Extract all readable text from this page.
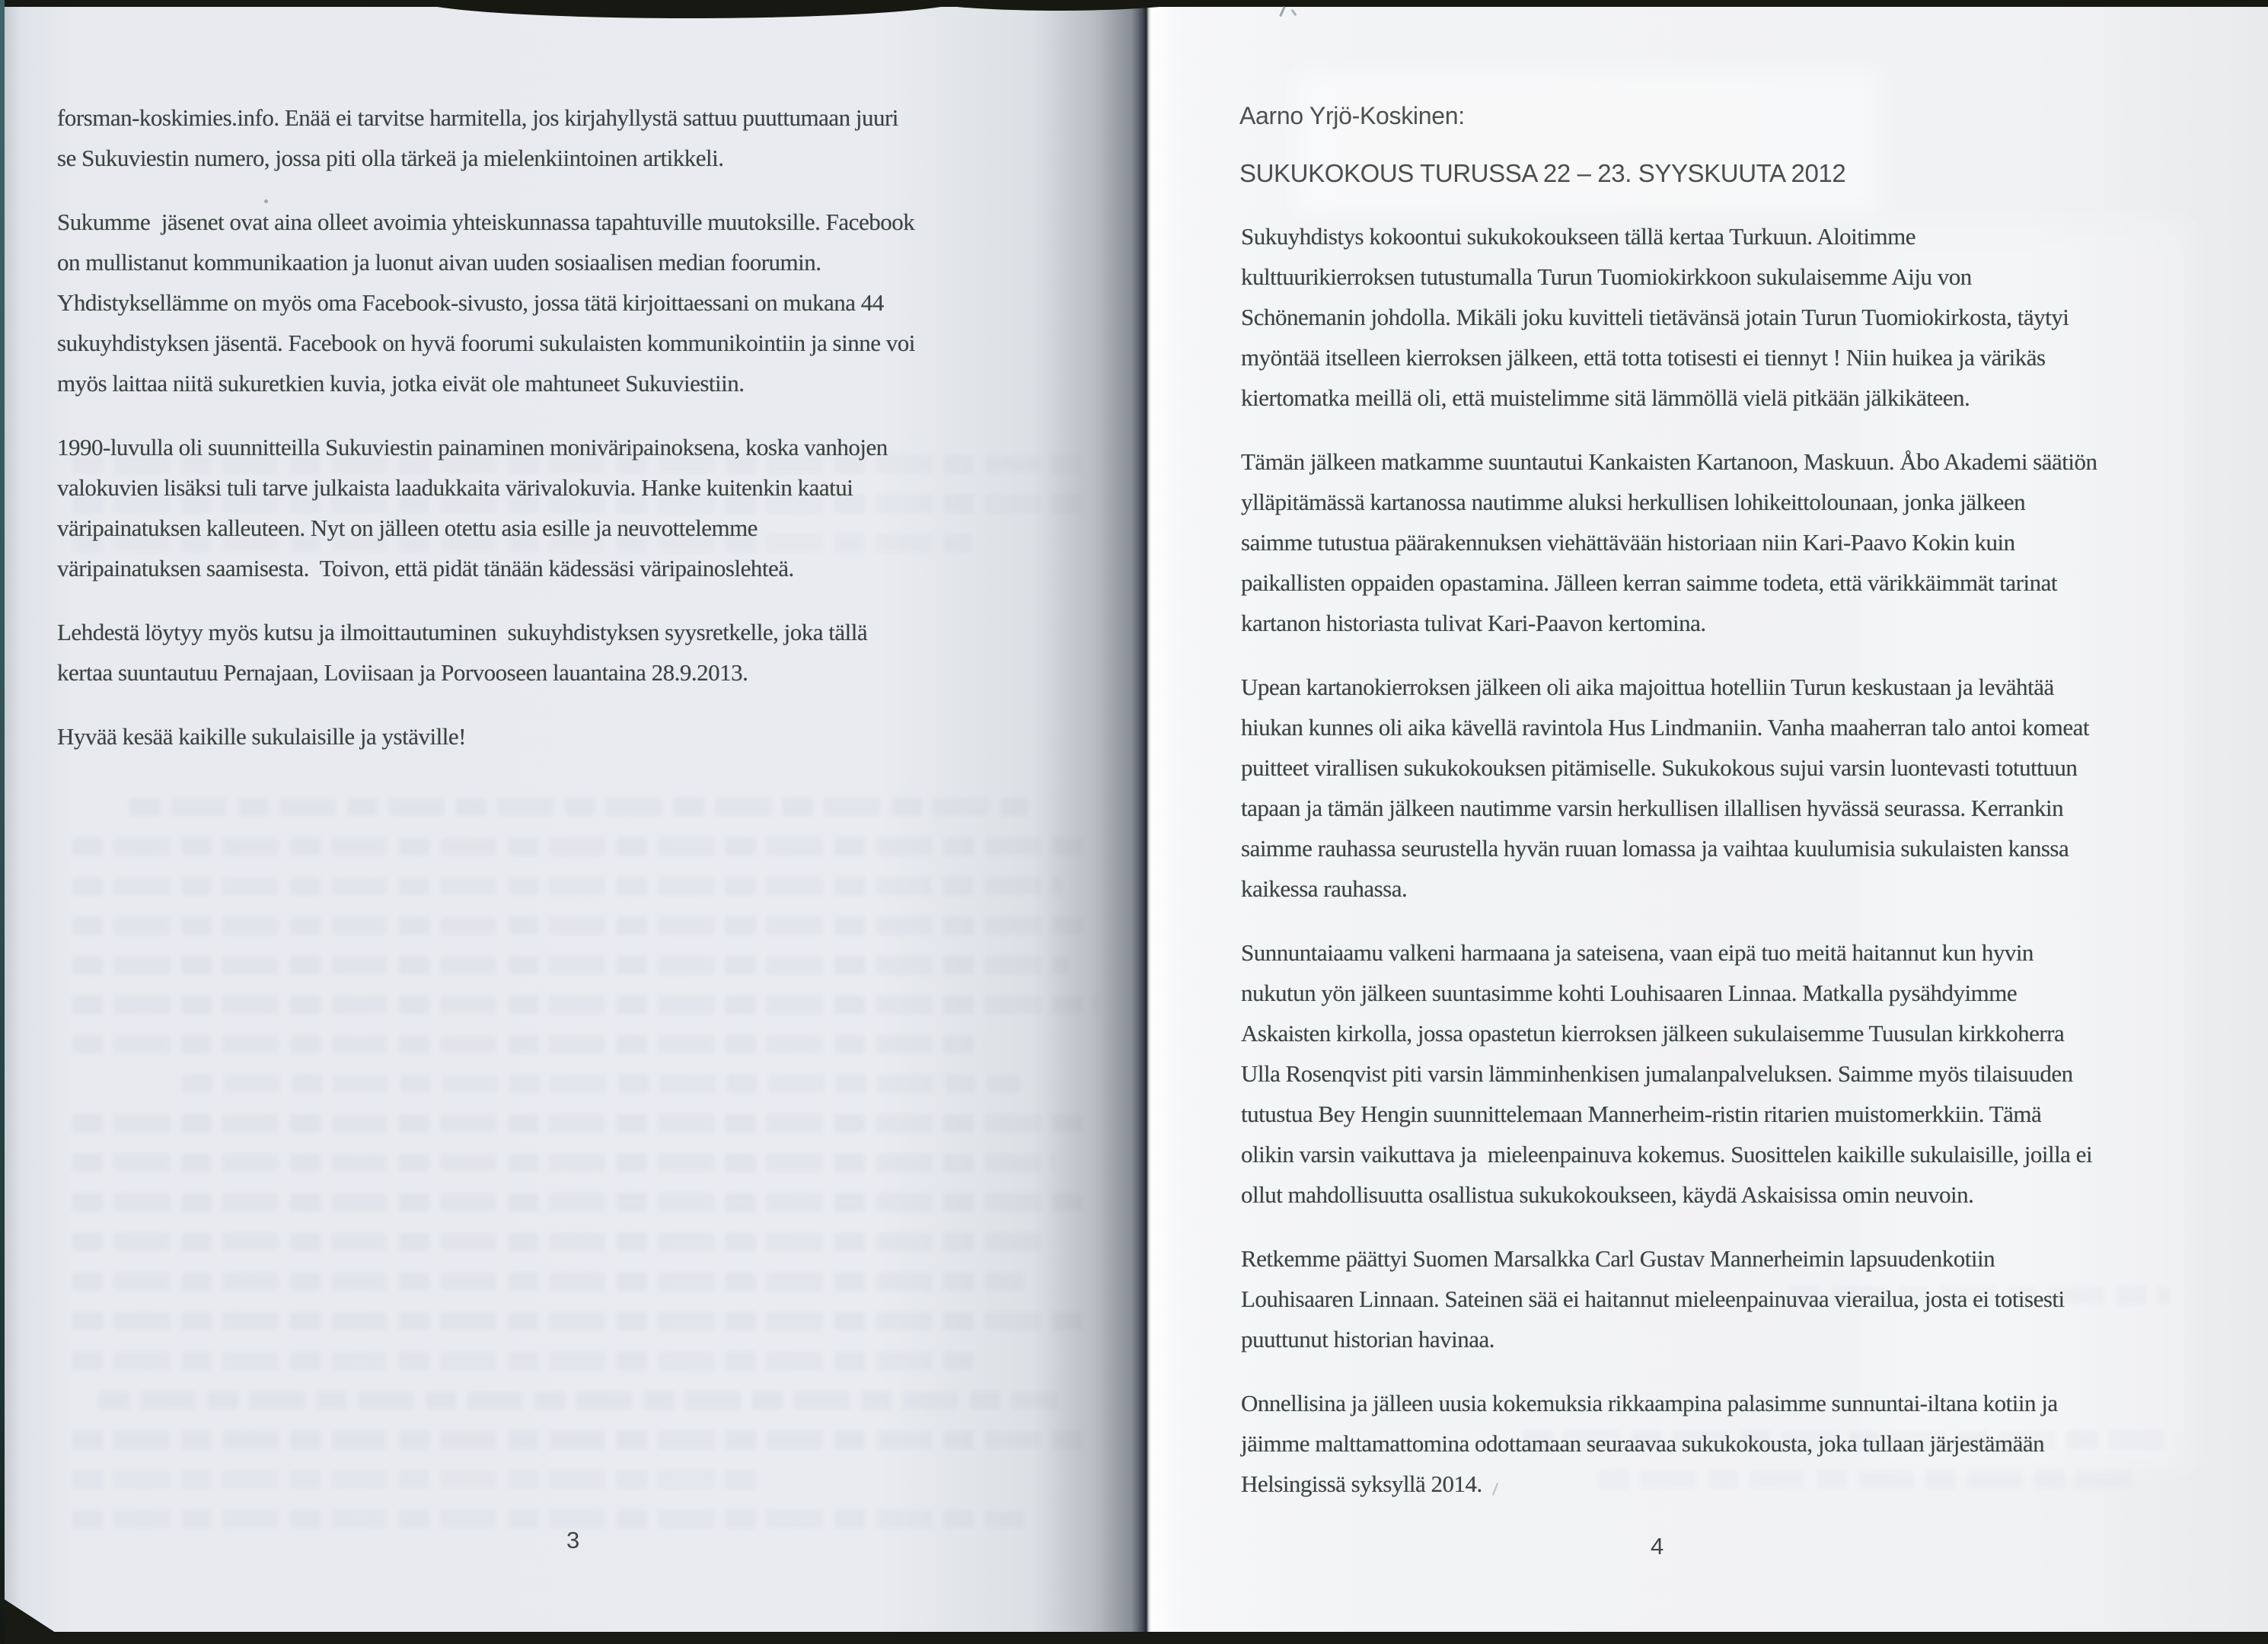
forsman-koskimies.info. Enää ei tarvitse harmitella, jos kirjahyllystä sattuu puuttumaan juuri
se Sukuviestin numero, jossa piti olla tärkeä ja mielenkiintoinen artikkeli.
Sukumme  jäsenet ovat aina olleet avoimia yhteiskunnassa tapahtuville muutoksille. Facebook
on mullistanut kommunikaation ja luonut aivan uuden sosiaalisen median foorumin.
Yhdistyksellämme on myös oma Facebook-sivusto, jossa tätä kirjoittaessani on mukana 44
sukuyhdistyksen jäsentä. Facebook on hyvä foorumi sukulaisten kommunikointiin ja sinne voi
myös laittaa niitä sukuretkien kuvia, jotka eivät ole mahtuneet Sukuviestiin.
1990-luvulla oli suunnitteilla Sukuviestin painaminen moniväripainoksena, koska vanhojen
valokuvien lisäksi tuli tarve julkaista laadukkaita värivalokuvia. Hanke kuitenkin kaatui
väripainatuksen kalleuteen. Nyt on jälleen otettu asia esille ja neuvottelemme
väripainatuksen saamisesta.  Toivon, että pidät tänään kädessäsi väripainoslehteä.
Lehdestä löytyy myös kutsu ja ilmoittautuminen  sukuyhdistyksen syysretkelle, joka tällä
kertaa suuntautuu Pernajaan, Loviisaan ja Porvooseen lauantaina 28.9.2013.
Hyvää kesää kaikille sukulaisille ja ystäville!
3
Aarno Yrjö-Koskinen:
SUKUKOKOUS TURUSSA 22 – 23. SYYSKUUTA 2012
Sukuyhdistys kokoontui sukukokoukseen tällä kertaa Turkuun. Aloitimme
kulttuurikierroksen tutustumalla Turun Tuomiokirkkoon sukulaisemme Aiju von
Schönemanin johdolla. Mikäli joku kuvitteli tietävänsä jotain Turun Tuomiokirkosta, täytyi
myöntää itselleen kierroksen jälkeen, että totta totisesti ei tiennyt ! Niin huikea ja värikäs
kiertomatka meillä oli, että muistelimme sitä lämmöllä vielä pitkään jälkikäteen.
Tämän jälkeen matkamme suuntautui Kankaisten Kartanoon, Maskuun. Åbo Akademi säätiön
ylläpitämässä kartanossa nautimme aluksi herkullisen lohikeittolounaan, jonka jälkeen
saimme tutustua päärakennuksen viehättävään historiaan niin Kari-Paavo Kokin kuin
paikallisten oppaiden opastamina. Jälleen kerran saimme todeta, että värikkäimmät tarinat
kartanon historiasta tulivat Kari-Paavon kertomina.
Upean kartanokierroksen jälkeen oli aika majoittua hotelliin Turun keskustaan ja levähtää
hiukan kunnes oli aika kävellä ravintola Hus Lindmaniin. Vanha maaherran talo antoi komeat
puitteet virallisen sukukokouksen pitämiselle. Sukukokous sujui varsin luontevasti totuttuun
tapaan ja tämän jälkeen nautimme varsin herkullisen illallisen hyvässä seurassa. Kerrankin
saimme rauhassa seurustella hyvän ruuan lomassa ja vaihtaa kuulumisia sukulaisten kanssa
kaikessa rauhassa.
Sunnuntaiaamu valkeni harmaana ja sateisena, vaan eipä tuo meitä haitannut kun hyvin
nukutun yön jälkeen suuntasimme kohti Louhisaaren Linnaa. Matkalla pysähdyimme
Askaisten kirkolla, jossa opastetun kierroksen jälkeen sukulaisemme Tuusulan kirkkoherra
Ulla Rosenqvist piti varsin lämminhenkisen jumalanpalveluksen. Saimme myös tilaisuuden
tutustua Bey Hengin suunnittelemaan Mannerheim-ristin ritarien muistomerkkiin. Tämä
olikin varsin vaikuttava ja  mieleenpainuva kokemus. Suosittelen kaikille sukulaisille, joilla ei
ollut mahdollisuutta osallistua sukukokoukseen, käydä Askaisissa omin neuvoin.
Retkemme päättyi Suomen Marsalkka Carl Gustav Mannerheimin lapsuudenkotiin
Louhisaaren Linnaan. Sateinen sää ei haitannut mieleenpainuvaa vierailua, josta ei totisesti
puuttunut historian havinaa.
Onnellisina ja jälleen uusia kokemuksia rikkaampina palasimme sunnuntai-iltana kotiin ja
jäimme malttamattomina odottamaan seuraavaa sukukokousta, joka tullaan järjestämään
Helsingissä syksyllä 2014.
4
